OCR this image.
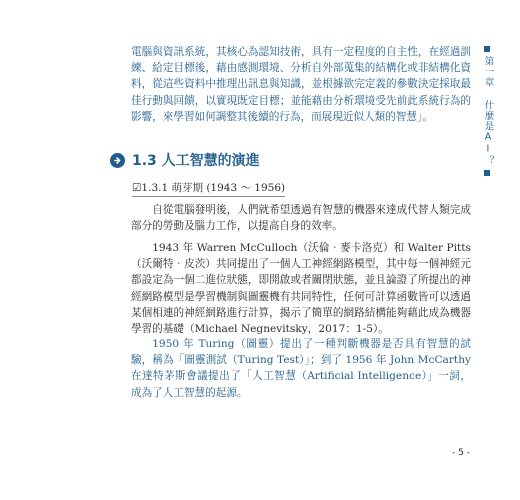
第一章
什麼是AI？
電腦與資訊系統，其核心為認知技術，具有一定程度的自主性，在經過訓練、給定目標後，藉由感測環境、分析自外部蒐集的結構化或非結構化資料，從這些資料中推理出訊息與知識，並根據欲完定義的參數決定採取最佳行動與回饋，以實現既定目標；並能藉由分析環境受先前此系統行為的影響，來學習如何調整其後續的行為，而展現近似人類的智慧」。
1.3 人工智慧的演進
☑1.3.1 萌芽期 (1943 ～ 1956)
自從電腦發明後，人們就希望透過有智慧的機器來達成代替人類完成部分的勞動及腦力工作，以提高自身的效率。
1943 年 Warren McCulloch（沃倫‧麥卡洛克）和 Walter Pitts（沃爾特‧皮茨）共同提出了一個人工神經網路模型，其中每一個神經元都設定為一個二進位狀態，即開啟或者關閉狀態，並且論證了所提出的神經網路模型是學習機制與圖靈機有共同特性，任何可計算函數皆可以透過某個相連的神經網路進行計算，揭示了簡單的網路結構能夠藉此成為機器學習的基礎（Michael Negnevitsky，2017：1-5）。
1950 年 Turing（圖靈）提出了一種判斷機器是否具有智慧的試驗，稱為「圖靈測試（Turing Test）」；到了 1956 年 John McCarthy 在達特茅斯會議提出了「人工智慧（Artificial Intelligence）」一詞，成為了人工智慧的起源。
- 5 -
